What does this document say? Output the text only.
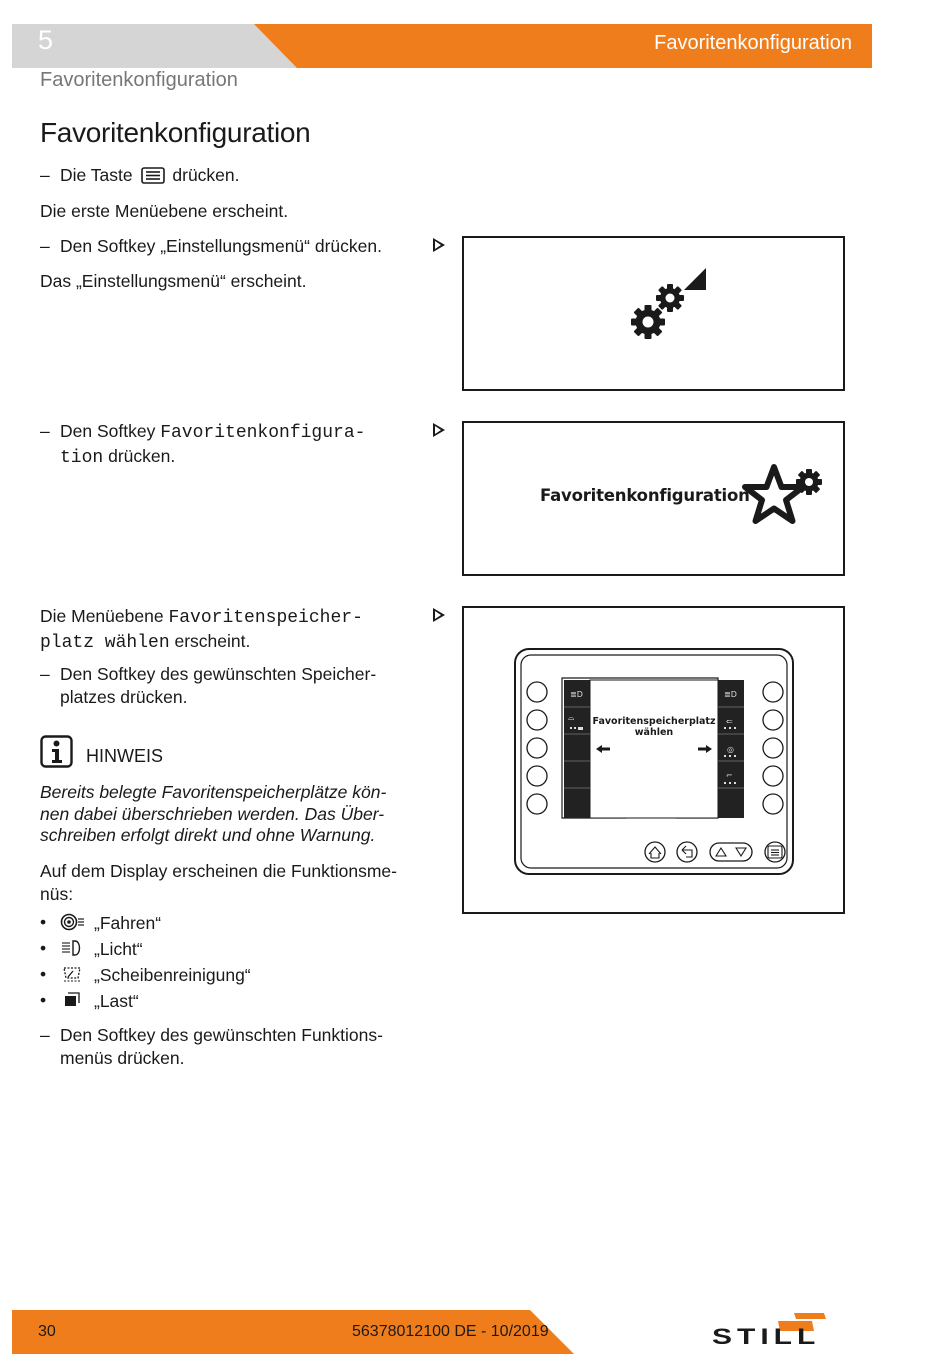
5	Favoritenkonfiguration
Favoritenkonfiguration
Favoritenkonfiguration
– Die Taste drücken.
Die erste Menüebene erscheint.
– Den Softkey „Einstellungsmenü“ drücken.
Das „Einstellungsmenü“ erscheint.
– Den Softkey Favoritenkonfigura-
tion drücken.
Favoritenkonfiguration
Die Menüebene Favoritenspeicher-
platz wählen erscheint.
– Den Softkey des gewünschten Speicher-
platzes drücken.	≣D
⌓
≣D
⇐
◎
⌐
Favoritenspeicherplatz
wählen
HINWEIS
Bereits belegte Favoritenspeicherplätze kön-
nen dabei überschrieben werden. Das Über-
schreiben erfolgt direkt und ohne Warnung.
Auf dem Display erscheinen die Funktionsme-
nüs:
•	„Fahren“
•	„Licht“
•	„Scheibenreinigung“
•	„Last“
– Den Softkey des gewünschten Funktions-
menüs drücken.
30	56378012100 DE - 10/2019	STILL
